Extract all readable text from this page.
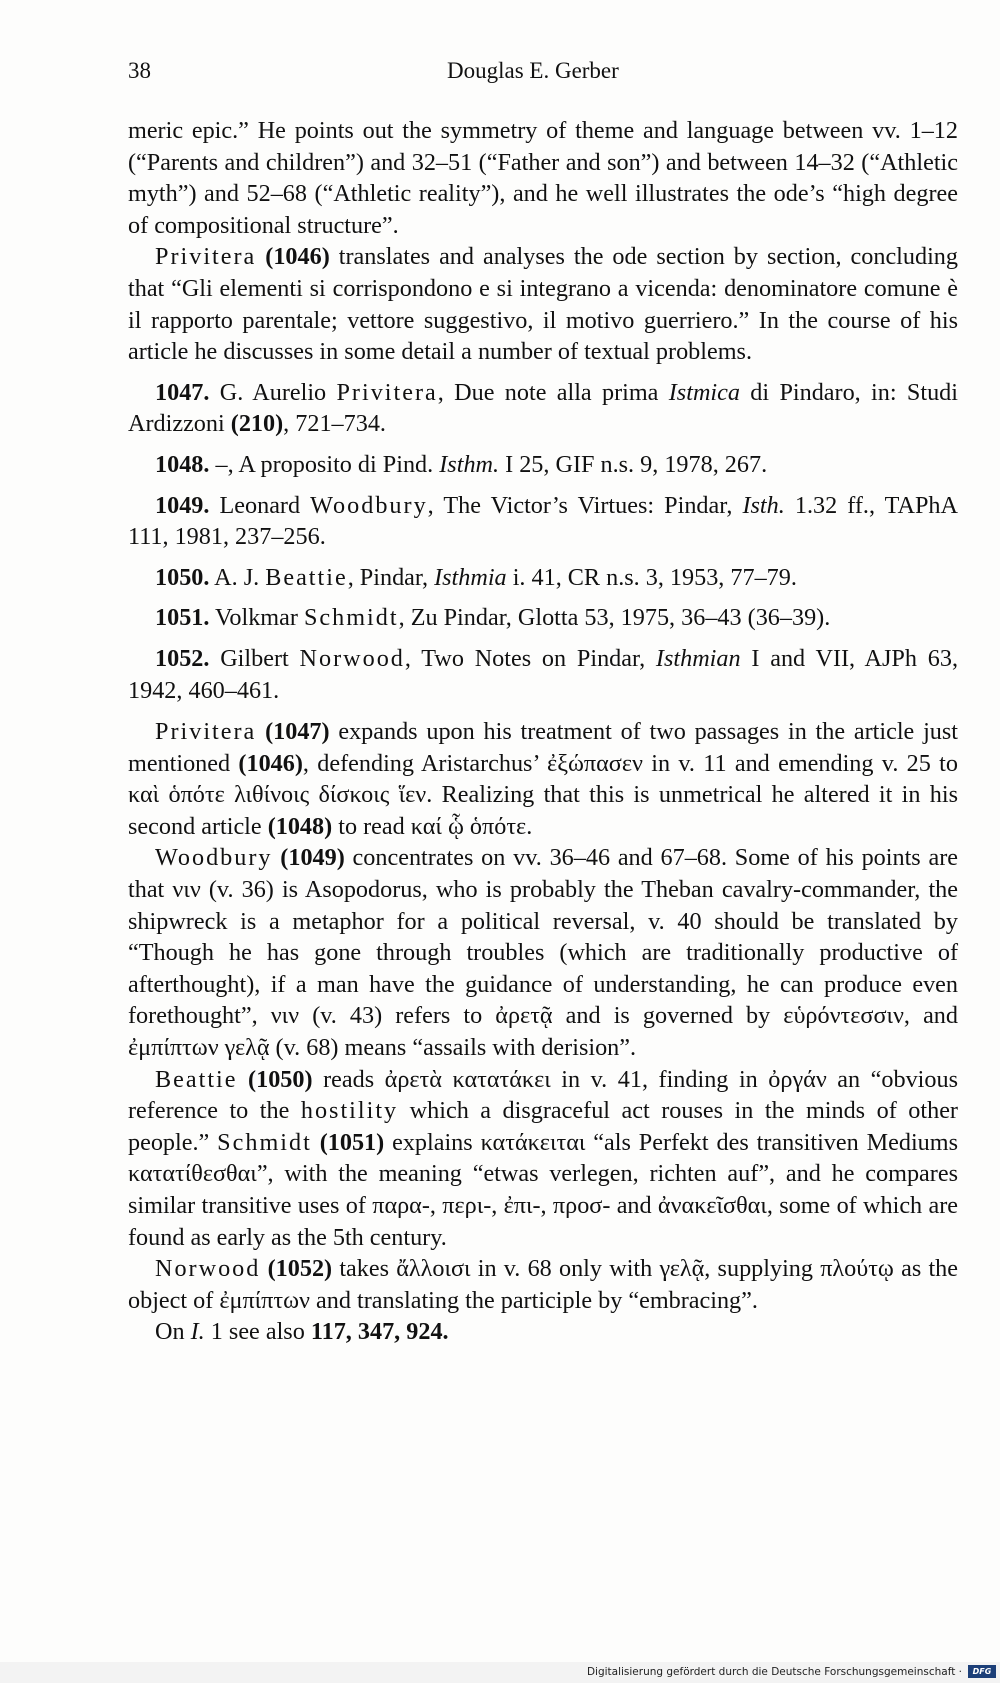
38	Douglas E. Gerber

meric epic.” He points out the symmetry of theme and language between vv. 1–12 (“Parents and children”) and 32–51 (“Father and son”) and between 14–32 (“Athletic myth”) and 52–68 (“Athletic reality”), and he well illustrates the ode’s “high degree of compositional structure”.

Privitera (1046) translates and analyses the ode section by section, concluding that “Gli elementi si corrispondono e si integrano a vicenda: denominatore comune è il rapporto parentale; vettore suggestivo, il motivo guerriero.” In the course of his article he discusses in some detail a number of textual problems.

1047. G. Aurelio Privitera, Due note alla prima Istmica di Pindaro, in: Studi Ardizzoni (210), 721–734.

1048. –, A proposito di Pind. Isthm. I 25, GIF n.s. 9, 1978, 267.

1049. Leonard Woodbury, The Victor’s Virtues: Pindar, Isth. 1.32 ff., TAPhA 111, 1981, 237–256.

1050. A. J. Beattie, Pindar, Isthmia i. 41, CR n.s. 3, 1953, 77–79.

1051. Volkmar Schmidt, Zu Pindar, Glotta 53, 1975, 36–43 (36–39).

1052. Gilbert Norwood, Two Notes on Pindar, Isthmian I and VII, AJPh 63, 1942, 460–461.

Privitera (1047) expands upon his treatment of two passages in the article just mentioned (1046), defending Aristarchus’ ἐξώπασεν in v. 11 and emending v. 25 to καὶ ὁπότε λιθίνοις δίσκοις ἵεν. Realizing that this is unmetrical he altered it in his second article (1048) to read καί ᾧ ὁπότε.

Woodbury (1049) concentrates on vv. 36–46 and 67–68. Some of his points are that νιν (v. 36) is Asopodorus, who is probably the Theban cavalry-commander, the shipwreck is a metaphor for a political reversal, v. 40 should be translated by “Though he has gone through troubles (which are traditionally productive of afterthought), if a man have the guidance of understanding, he can produce even forethought”, νιν (v. 43) refers to ἀρετᾷ and is governed by εὑρόντεσσιν, and ἐμπίπτων γελᾷ (v. 68) means “assails with derision”.

Beattie (1050) reads ἀρετὰ κατατάκει in v. 41, finding in ὀργάν an “obvious reference to the hostility which a disgraceful act rouses in the minds of other people.” Schmidt (1051) explains κατάκειται “als Perfekt des transitiven Mediums κατατίθεσθαι”, with the meaning “etwas verlegen, richten auf”, and he compares similar transitive uses of παρα-, περι-, ἐπι-, προσ- and ἀνακεῖσθαι, some of which are found as early as the 5th century.

Norwood (1052) takes ἄλλοισι in v. 68 only with γελᾷ, supplying πλούτῳ as the object of ἐμπίπτων and translating the participle by “embracing”.

On I. 1 see also 117, 347, 924.

Digitalisierung gefördert durch die Deutsche Forschungsgemeinschaft ·	DFG
